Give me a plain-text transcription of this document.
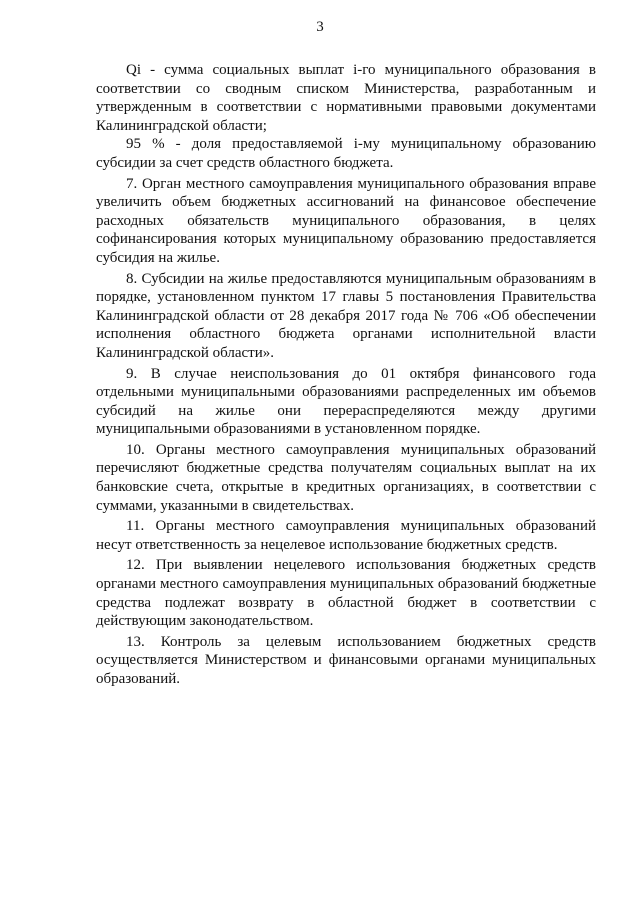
3

Qi - сумма социальных выплат i-го муниципального образования в соответствии со сводным списком Министерства, разработанным и утвержденным в соответствии с нормативными правовыми документами Калининградской области;

95 % - доля предоставляемой i-му муниципальному образованию субсидии за счет средств областного бюджета.

7. Орган местного самоуправления муниципального образования вправе увеличить объем бюджетных ассигнований на финансовое обеспечение расходных обязательств муниципального образования, в целях софинансирования которых муниципальному образованию предоставляется субсидия на жилье.

8. Субсидии на жилье предоставляются муниципальным образованиям в порядке, установленном пунктом 17 главы 5 постановления Правительства Калининградской области от 28 декабря 2017 года № 706 «Об обеспечении исполнения областного бюджета органами исполнительной власти Калининградской области».

9. В случае неиспользования до 01 октября финансового года отдельными муниципальными образованиями распределенных им объемов субсидий на жилье они перераспределяются между другими муниципальными образованиями в установленном порядке.

10. Органы местного самоуправления муниципальных образований перечисляют бюджетные средства получателям социальных выплат на их банковские счета, открытые в кредитных организациях, в соответствии с суммами, указанными в свидетельствах.

11. Органы местного самоуправления муниципальных образований несут ответственность за нецелевое использование бюджетных средств.

12. При выявлении нецелевого использования бюджетных средств органами местного самоуправления муниципальных образований бюджетные средства подлежат возврату в областной бюджет в соответствии с действующим законодательством.

13. Контроль за целевым использованием бюджетных средств осуществляется Министерством и финансовыми органами муниципальных образований.
